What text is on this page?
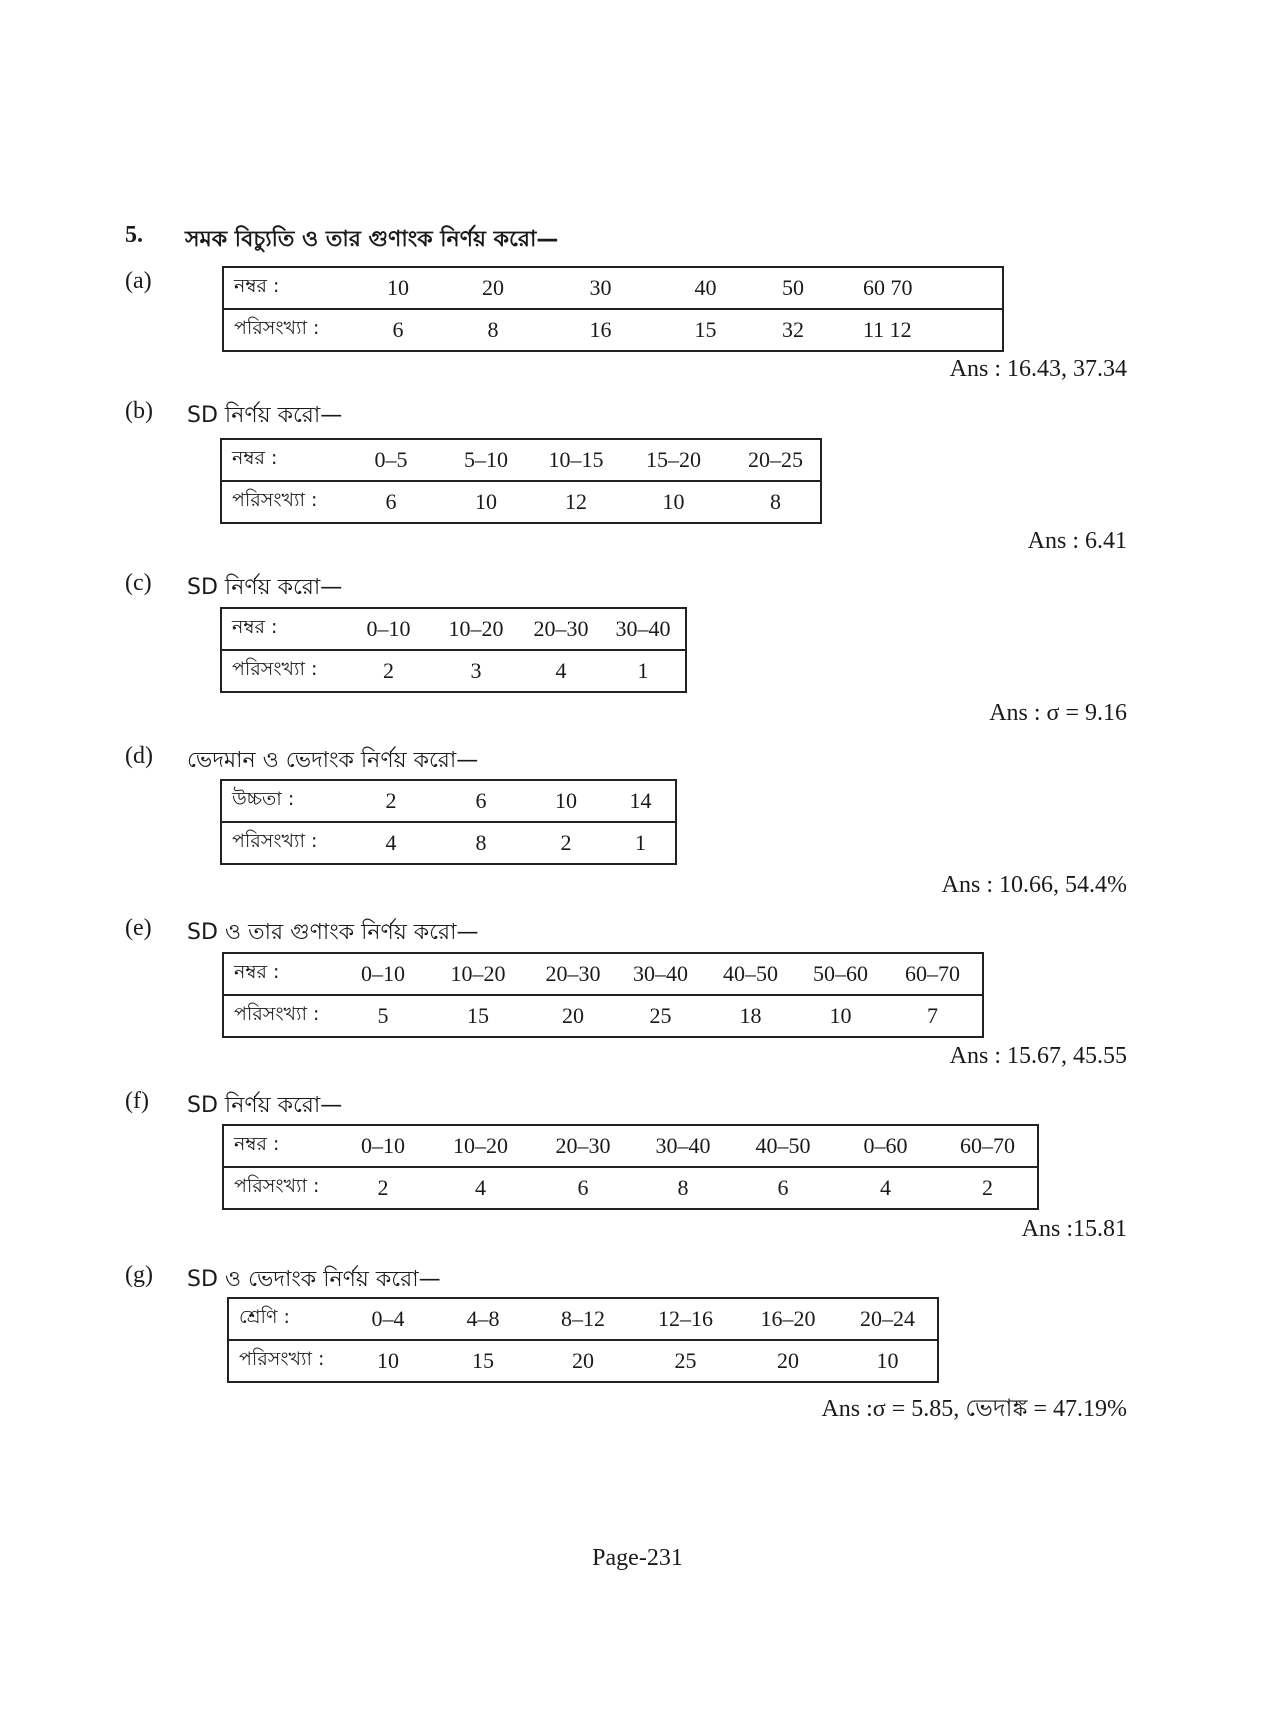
5. সমক বিচ্যুতি ও তার গুণাংক নির্ণয় করো—
(a)	নম্বর :	10	20	30	40	50	60 70
পরিসংখ্যা :	6	8	16	15	32	11 12
Ans : 16.43, 37.34
(b) SD নির্ণয় করো—
নম্বর :	0–5	5–10	10–15	15–20	20–25
পরিসংখ্যা :	6	10	12	10	8
Ans : 6.41
(c) SD নির্ণয় করো—
নম্বর :	0–10	10–20	20–30	30–40
পরিসংখ্যা :	2	3	4	1
Ans : σ = 9.16
(d) ভেদমান ও ভেদাংক নির্ণয় করো—
উচ্চতা :	2	6	10	14
পরিসংখ্যা :	4	8	2	1
Ans : 10.66, 54.4%
(e) SD ও তার গুণাংক নির্ণয় করো—
নম্বর :	0–10	10–20	20–30	30–40	40–50	50–60	60–70
পরিসংখ্যা :	5	15	20	25	18	10	7
Ans : 15.67, 45.55
(f) SD নির্ণয় করো—
নম্বর :	0–10	10–20	20–30	30–40	40–50	0–60	60–70
পরিসংখ্যা :	2	4	6	8	6	4	2
Ans :15.81
(g) SD ও ভেদাংক নির্ণয় করো—
শ্রেণি :	0–4	4–8	8–12	12–16	16–20	20–24
পরিসংখ্যা :	10	15	20	25	20	10
Ans :σ = 5.85, ভেদাঙ্ক = 47.19%
Page-231
